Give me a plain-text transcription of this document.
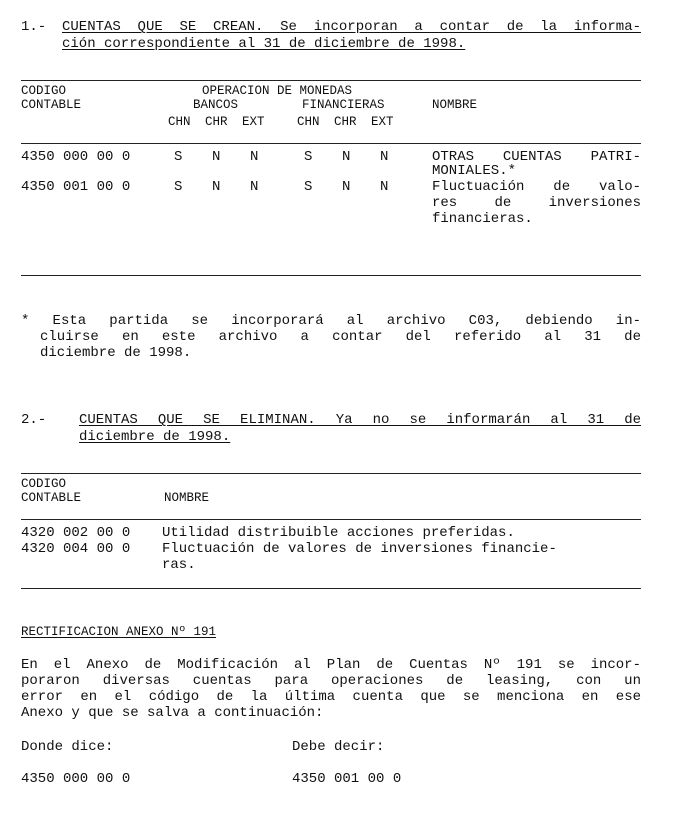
1.- CUENTAS QUE SE CREAN. Se incorporan a contar de la informa-
ción correspondiente al 31 de diciembre de 1998.
CODIGO
CONTABLE
OPERACION DE MONEDAS
BANCOS	FINANCIERAS	NOMBRE
CHN CHR EXT	CHN CHR EXT
4350 000 00 0	S N N	S N N	OTRAS CUENTAS PATRI-
MONIALES.*
4350 001 00 0	S N N	S N N	Fluctuación de valo-
res de inversiones
financieras.
* Esta partida se incorporará al archivo C03, debiendo in-
cluirse en este archivo a contar del referido al 31 de
diciembre de 1998.
2.- CUENTAS QUE SE ELIMINAN. Ya no se informarán al 31 de
diciembre de 1998.
CODIGO
CONTABLE	NOMBRE
4320 002 00 0 Utilidad distribuible acciones preferidas.
4320 004 00 0 Fluctuación de valores de inversiones financie-
ras.
RECTIFICACION ANEXO Nº 191
En el Anexo de Modificación al Plan de Cuentas Nº 191 se incor-
poraron diversas cuentas para operaciones de leasing, con un
error en el código de la última cuenta que se menciona en ese
Anexo y que se salva a continuación:
Donde dice:	Debe decir:
4350 000 00 0	4350 001 00 0
